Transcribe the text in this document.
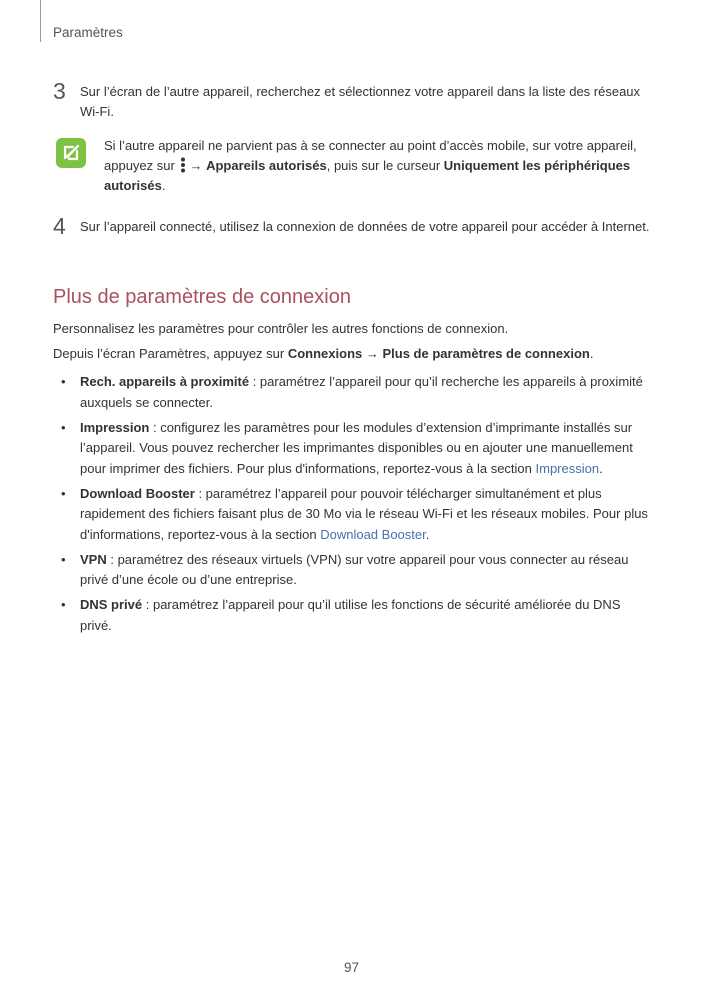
Paramètres
3 Sur l’écran de l’autre appareil, recherchez et sélectionnez votre appareil dans la liste des réseaux Wi-Fi.
Si l’autre appareil ne parvient pas à se connecter au point d’accès mobile, sur votre appareil, appuyez sur
→ Appareils autorisés, puis sur le curseur Uniquement les périphériques autorisés.
4 Sur l’appareil connecté, utilisez la connexion de données de votre appareil pour accéder à Internet.
Plus de paramètres de connexion
Personnalisez les paramètres pour contrôler les autres fonctions de connexion.
Depuis l’écran Paramètres, appuyez sur Connexions → Plus de paramètres de connexion.
• Rech. appareils à proximité : paramétrez l’appareil pour qu’il recherche les appareils à proximité auxquels se connecter.
• Impression : configurez les paramètres pour les modules d’extension d’imprimante installés sur l’appareil. Vous pouvez rechercher les imprimantes disponibles ou en ajouter une manuellement pour imprimer des fichiers. Pour plus d'informations, reportez-vous à la section Impression.
• Download Booster : paramétrez l’appareil pour pouvoir télécharger simultanément et plus rapidement des fichiers faisant plus de 30 Mo via le réseau Wi-Fi et les réseaux mobiles. Pour plus d'informations, reportez-vous à la section Download Booster.
• VPN : paramétrez des réseaux virtuels (VPN) sur votre appareil pour vous connecter au réseau privé d’une école ou d’une entreprise.
• DNS privé : paramétrez l’appareil pour qu’il utilise les fonctions de sécurité améliorée du DNS privé.
97
